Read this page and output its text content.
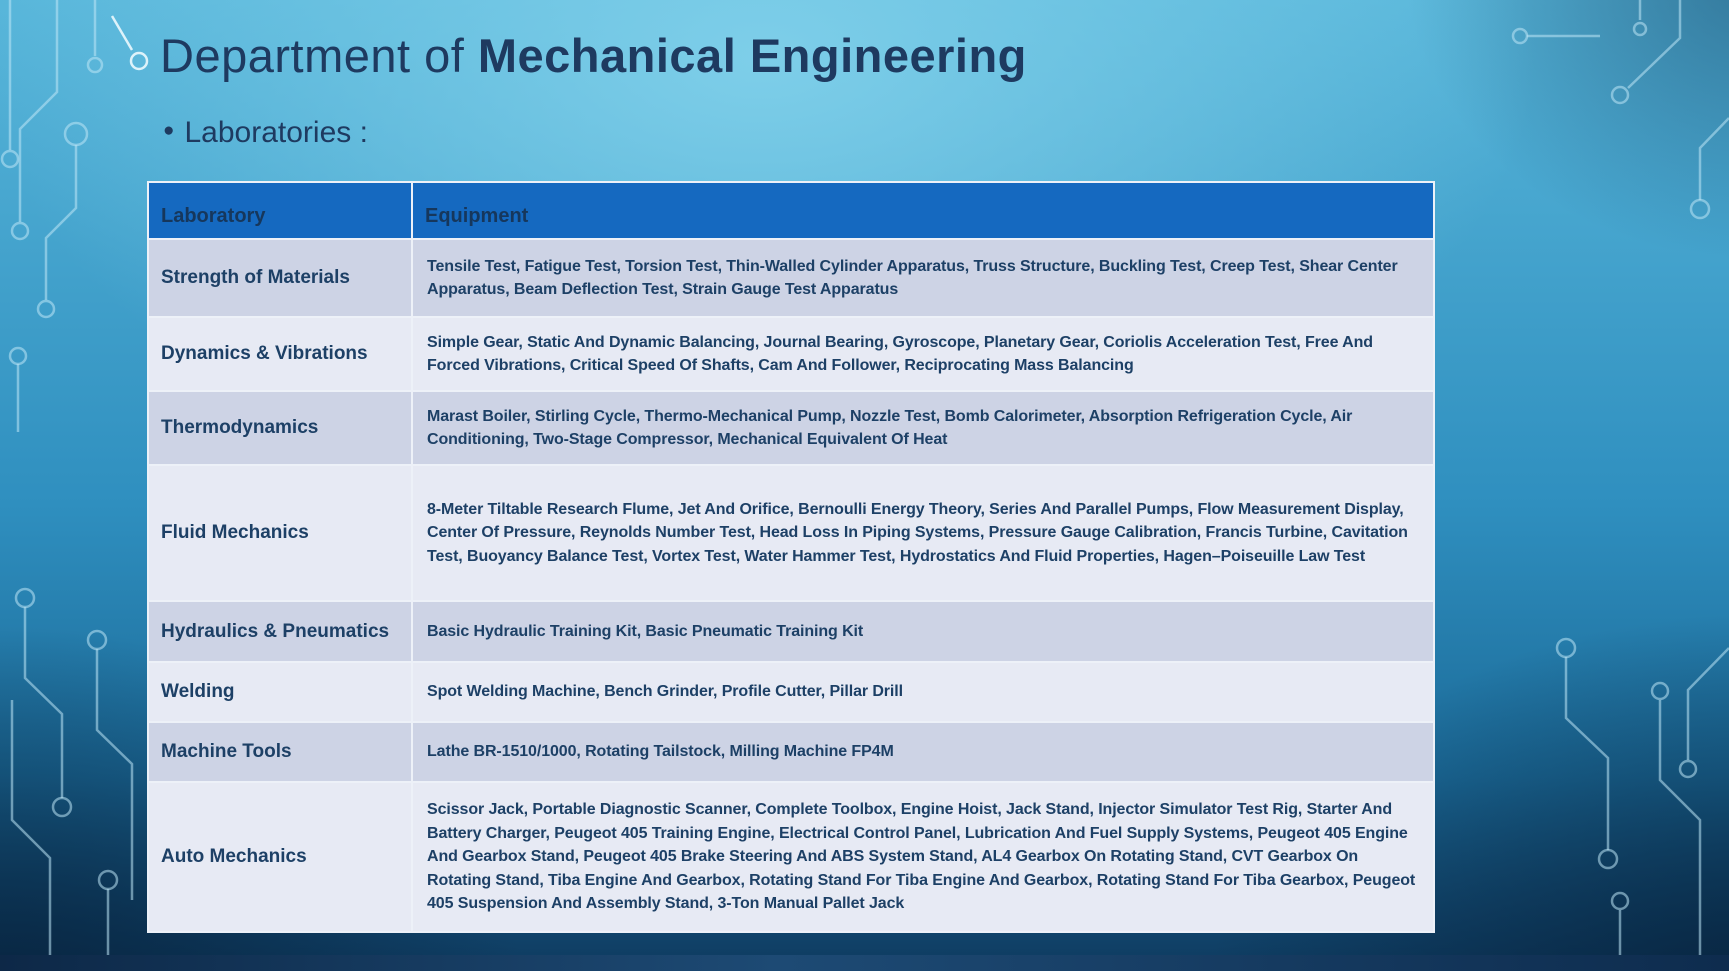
Department of Mechanical Engineering
● Laboratories :
Laboratory	Equipment
Strength of Materials	Tensile Test, Fatigue Test, Torsion Test, Thin-Walled Cylinder Apparatus, Truss Structure, Buckling Test, Creep Test, Shear Center Apparatus, Beam Deflection Test, Strain Gauge Test Apparatus
Dynamics & Vibrations	Simple Gear, Static And Dynamic Balancing, Journal Bearing, Gyroscope, Planetary Gear, Coriolis Acceleration Test, Free And Forced Vibrations, Critical Speed Of Shafts, Cam And Follower, Reciprocating Mass Balancing
Thermodynamics	Marast Boiler, Stirling Cycle, Thermo-Mechanical Pump, Nozzle Test, Bomb Calorimeter, Absorption Refrigeration Cycle, Air Conditioning, Two-Stage Compressor, Mechanical Equivalent Of Heat
Fluid Mechanics	8-Meter Tiltable Research Flume, Jet And Orifice, Bernoulli Energy Theory, Series And Parallel Pumps, Flow Measurement Display, Center Of Pressure, Reynolds Number Test, Head Loss In Piping Systems, Pressure Gauge Calibration, Francis Turbine, Cavitation Test, Buoyancy Balance Test, Vortex Test, Water Hammer Test, Hydrostatics And Fluid Properties, Hagen–Poiseuille Law Test
Hydraulics & Pneumatics	Basic Hydraulic Training Kit, Basic Pneumatic Training Kit
Welding	Spot Welding Machine, Bench Grinder, Profile Cutter, Pillar Drill
Machine Tools	Lathe BR-1510/1000, Rotating Tailstock, Milling Machine FP4M
Auto Mechanics	Scissor Jack, Portable Diagnostic Scanner, Complete Toolbox, Engine Hoist, Jack Stand, Injector Simulator Test Rig, Starter And Battery Charger, Peugeot 405 Training Engine, Electrical Control Panel, Lubrication And Fuel Supply Systems, Peugeot 405 Engine And Gearbox Stand, Peugeot 405 Brake Steering And ABS System Stand, AL4 Gearbox On Rotating Stand, CVT Gearbox On Rotating Stand, Tiba Engine And Gearbox, Rotating Stand For Tiba Engine And Gearbox, Rotating Stand For Tiba Gearbox, Peugeot 405 Suspension And Assembly Stand, 3-Ton Manual Pallet Jack
